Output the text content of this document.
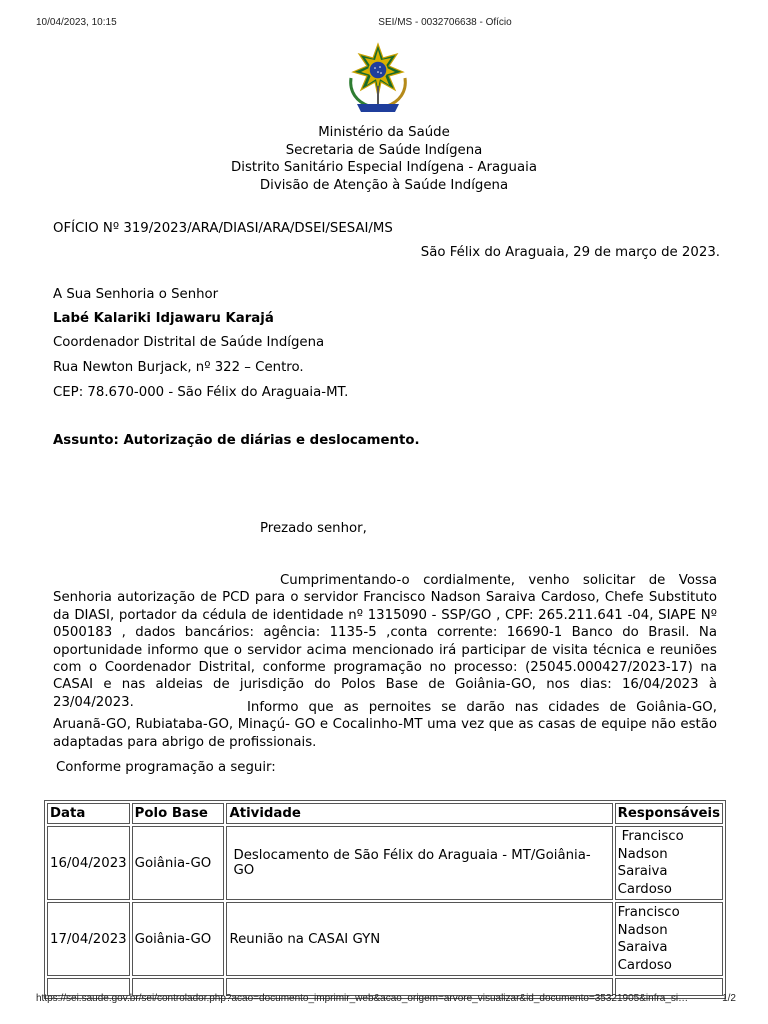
10/04/2023, 10:15	SEI/MS - 0032706638 - Ofício
Ministério da Saúde
Secretaria de Saúde Indígena
Distrito Sanitário Especial Indígena - Araguaia
Divisão de Atenção à Saúde Indígena
OFÍCIO Nº 319/2023/ARA/DIASI/ARA/DSEI/SESAI/MS
São Félix do Araguaia, 29 de março de 2023.
A Sua Senhoria o Senhor
Labé Kalariki Idjawaru Karajá
Coordenador Distrital de Saúde Indígena
Rua Newton Burjack, nº 322 – Centro.
CEP: 78.670-000 - São Félix do Araguaia-MT.
Assunto: Autorização de diárias e deslocamento.
Prezado senhor,
Cumprimentando-o cordialmente, venho solicitar de Vossa Senhoria autorização de PCD para o servidor Francisco Nadson Saraiva Cardoso, Chefe Substituto da DIASI, portador da cédula de identidade nº 1315090 - SSP/GO , CPF: 265.211.641 -04, SIAPE Nº 0500183 , dados bancários: agência: 1135-5 ,conta corrente: 16690-1 Banco do Brasil. Na oportunidade informo que o servidor acima mencionado irá participar de visita técnica e reuniões com o Coordenador Distrital, conforme programação no processo: (25045.000427/2023-17) na CASAI e nas aldeias de jurisdição do Polos Base de Goiânia-GO, nos dias: 16/04/2023 à 23/04/2023.	Informo que as pernoites se darão nas cidades de Goiânia-GO, Aruanã-GO, Rubiataba-GO, Minaçú- GO e Cocalinho-MT uma vez que as casas de equipe não estão adaptadas para abrigo de profissionais.
Conforme programação a seguir:
Data	Polo Base	Atividade	Responsáveis
16/04/2023	Goiânia-GO	Deslocamento de São Félix do Araguaia - MT/Goiânia- GO	Francisco
Nadson
Saraiva
Cardoso

17/04/2023	Goiânia-GO	Reunião na CASAI GYN	Francisco
Nadson
Saraiva
Cardoso

https://sei.saude.gov.br/sei/controlador.php?acao=documento_imprimir_web&acao_origem=arvore_visualizar&id_documento=35321905&infra_si…	1/2
